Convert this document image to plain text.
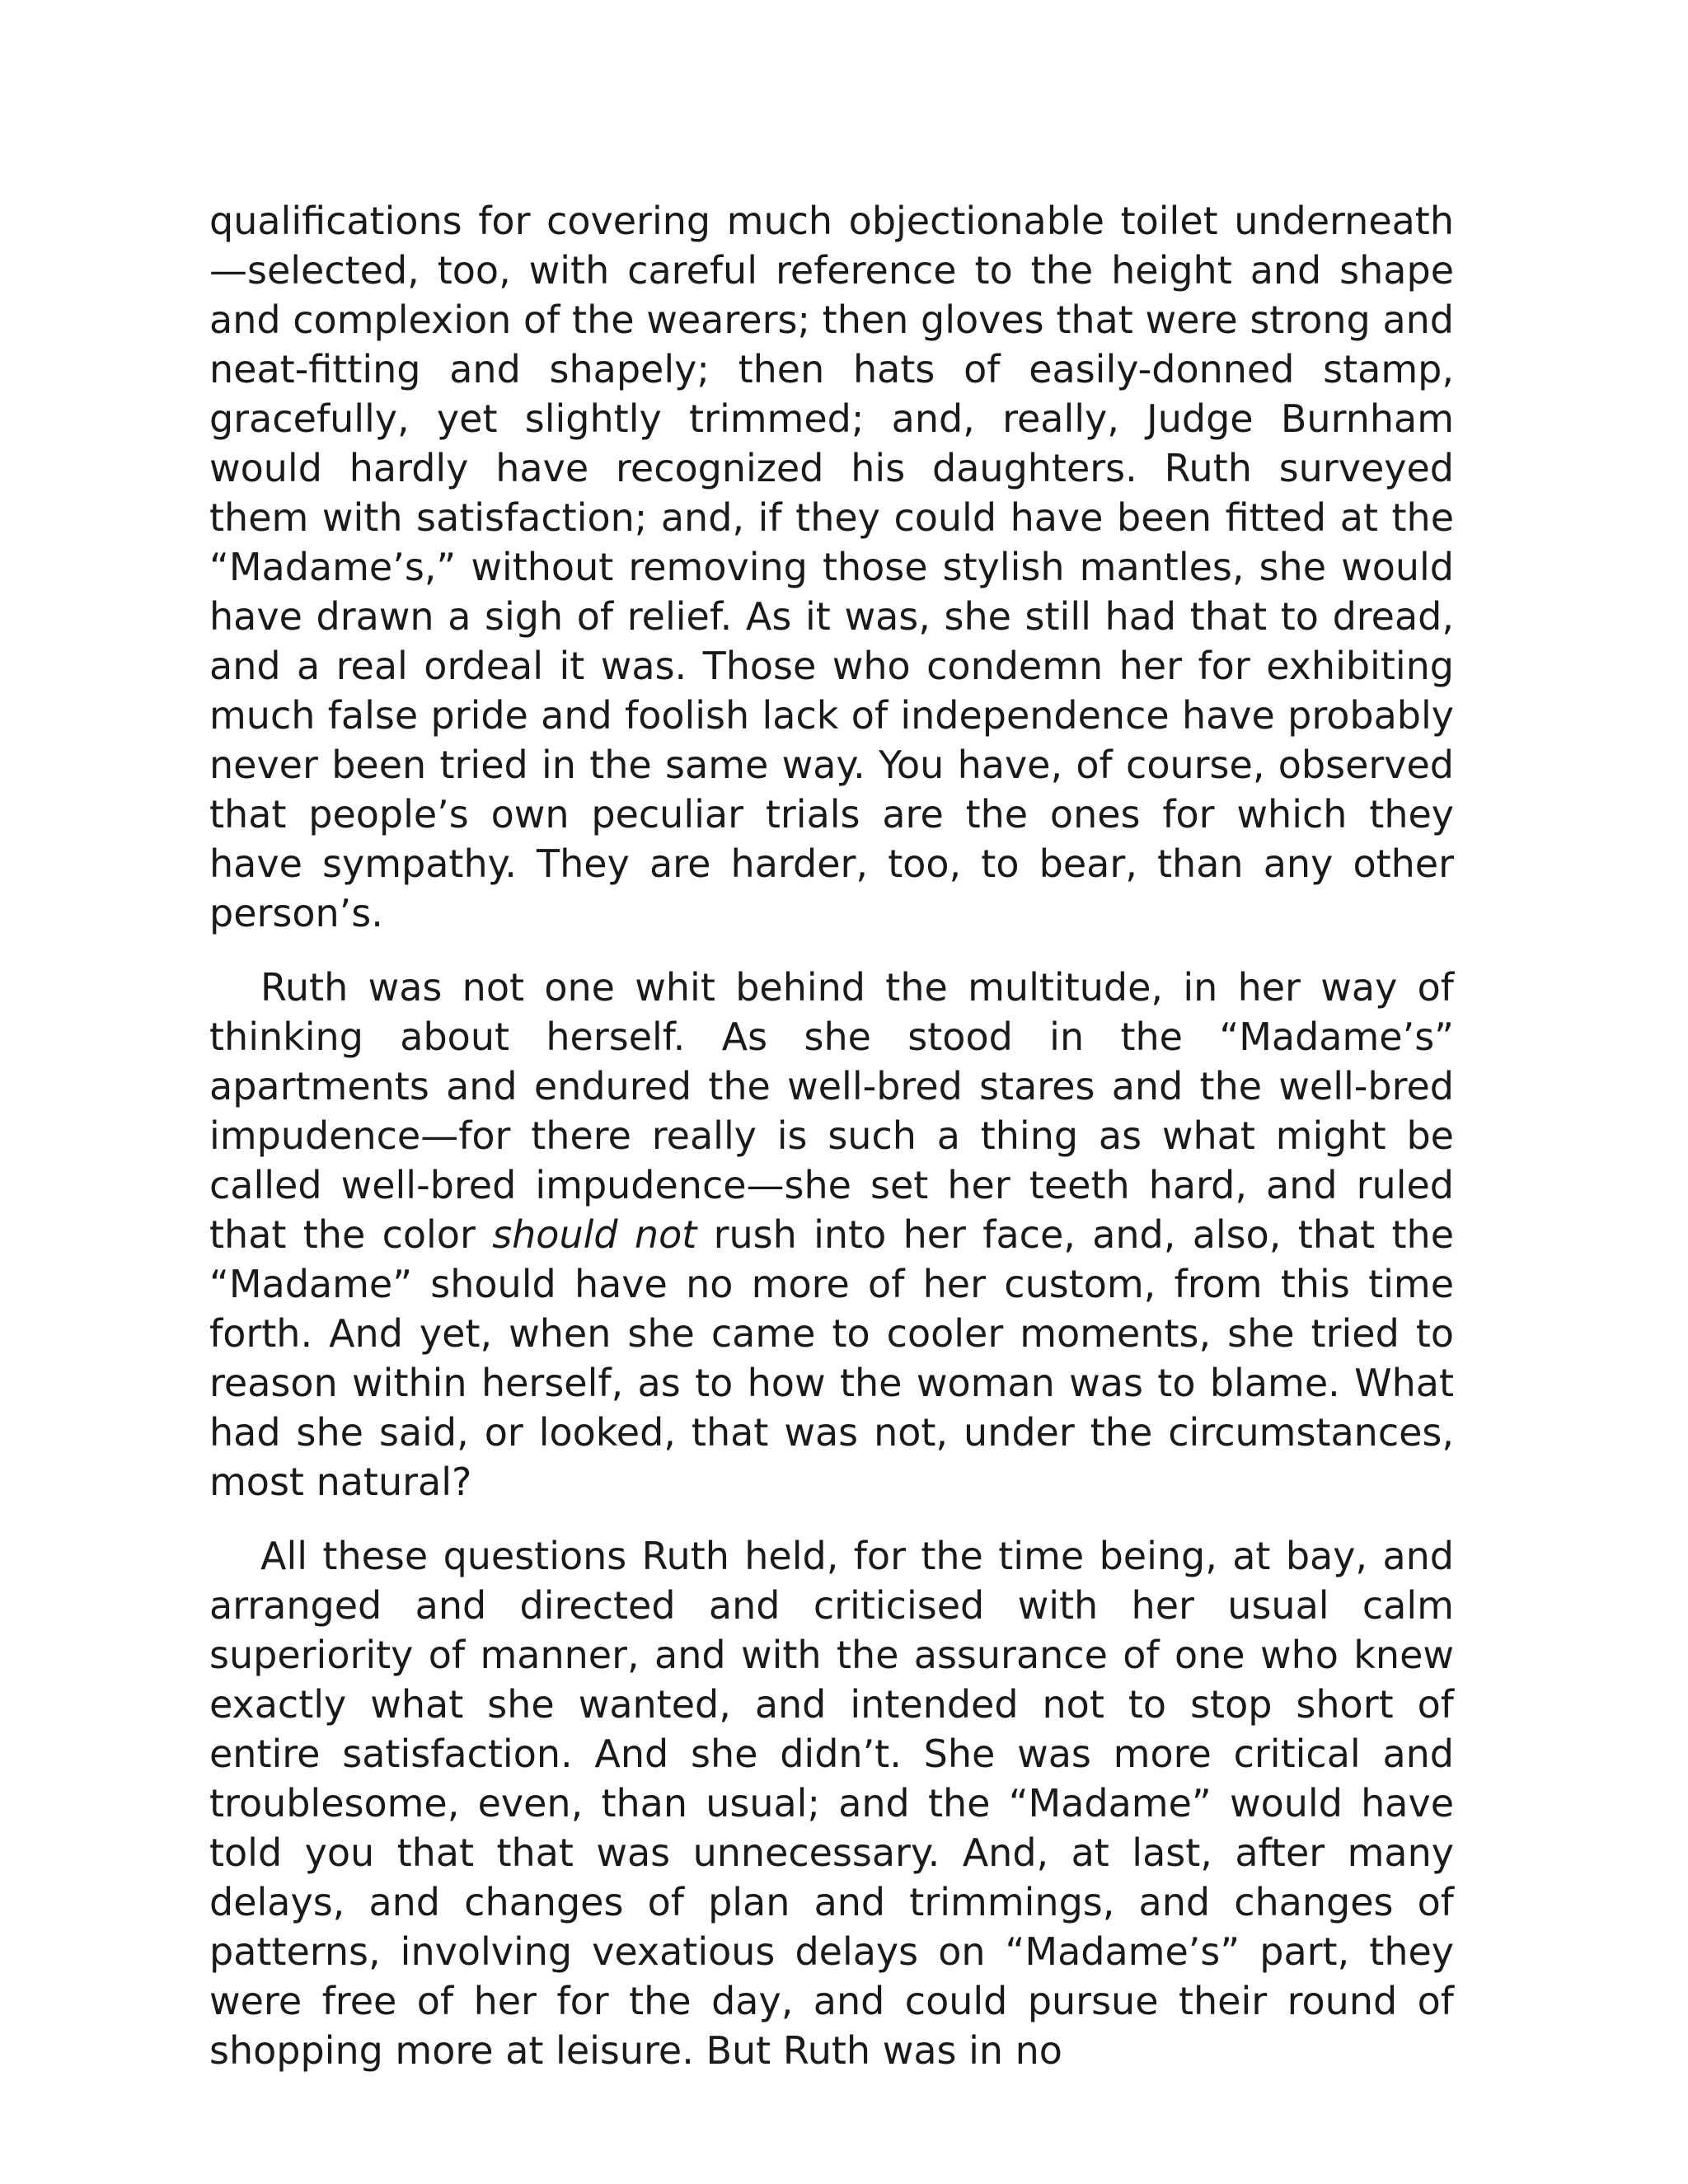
qualifications for covering much objectionable toilet underneath—selected, too, with careful reference to the height and shape and complexion of the wearers; then gloves that were strong and neat-fitting and shapely; then hats of easily-donned stamp, gracefully, yet slightly trimmed; and, really, Judge Burnham would hardly have recognized his daughters. Ruth surveyed them with satisfaction; and, if they could have been fitted at the “Madame’s,” without removing those stylish mantles, she would have drawn a sigh of relief. As it was, she still had that to dread, and a real ordeal it was. Those who condemn her for exhibiting much false pride and foolish lack of independence have probably never been tried in the same way. You have, of course, observed that people’s own peculiar trials are the ones for which they have sympathy. They are harder, too, to bear, than any other person’s.

Ruth was not one whit behind the multitude, in her way of thinking about herself. As she stood in the “Madame’s” apartments and endured the well-bred stares and the well-bred impudence—for there really is such a thing as what might be called well-bred impudence—she set her teeth hard, and ruled that the color should not rush into her face, and, also, that the “Madame” should have no more of her custom, from this time forth. And yet, when she came to cooler moments, she tried to reason within herself, as to how the woman was to blame. What had she said, or looked, that was not, under the circumstances, most natural?

All these questions Ruth held, for the time being, at bay, and arranged and directed and criticised with her usual calm superiority of manner, and with the assurance of one who knew exactly what she wanted, and intended not to stop short of entire satisfaction. And she didn’t. She was more critical and troublesome, even, than usual; and the “Madame” would have told you that that was unnecessary. And, at last, after many delays, and changes of plan and trimmings, and changes of patterns, involving vexatious delays on “Madame’s” part, they were free of her for the day, and could pursue their round of shopping more at leisure. But Ruth was in no
